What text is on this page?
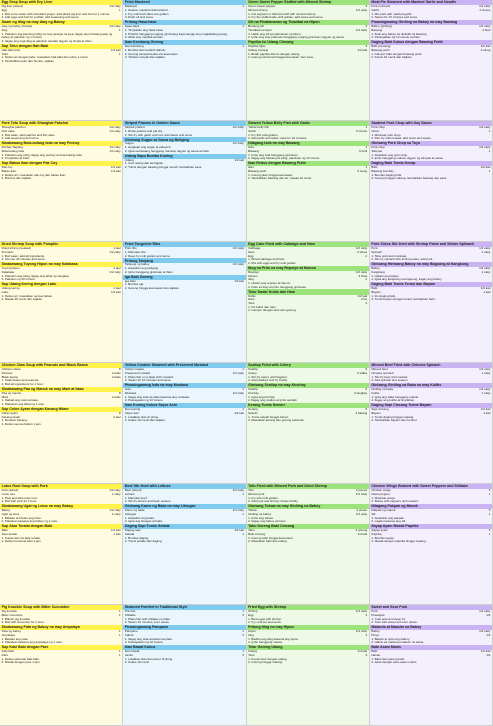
Egg Drop Soup with Dry Liver
Pig liver (sliced)	1/2 catty
Egg	1
1. Boil some water with shredded ginger; add sliced pig liver and boil for 1 minute.
2. Add eggs and boil for a while; add seasoning and serve.
Suam ng Itlog na may Atay ng Baboy
Atay ng baboy (hiniwa)	1/2 catty
Itlog	1
1. Pakuluin ang kaunting tubig na may ginayat na luya; ilagay ang hiniwang atay ng baboy at pakuluin ng 1 minuto.
2. Ilagay ang mga itlog at pakuluin sandali; lagyan ng timpla at ihain.
Sup Telur dengan Hati Babi
Hati babi (iris)	1/2 kati
Telur	1
1. Rebus air dengan jahe; masukkan hati babi dan rebus 1 menit.
2. Tambahkan telur dan bumbu, sajikan.
Fried Mackerel
Mackerel	1
1. Season mackerel beforehand.
2. Fry until both sides are golden.
3. Drain oil and serve.
Pritong Hasa-hasa
Hasa-hasa	1
1. Timplahan ang hasa-hasa.
2. Prituhin hanggang maging ginintuang kayumanggi ang magkabilang panig.
3. Alisin ang mantika at ihain.
Ikan Kembung Goreng
Ikan kembung	1
1. Bumbui ikan terlebih dahulu.
2. Goreng sampai kedua sisi keemasan.
3. Tiriskan minyak dan sajikan.
Green Sweet Pepper Stuffed with Minced Shrimp
Green sweet pepper	3
Minced shrimp	1/2 catty
1. Cut peppers in half and stuff with minced shrimp.
2. Fry the stuffed side until golden; add sauce and serve.
Sili na Pinalamanan ng Tinadtad na Hipon
Berdeng sili	3
Tinadtad na hipon	1/2 catty
1. Hatiin ang sili at palamanan ng hipon.
2. Iprito ang may palaman hanggang maging ginintuan; lagyan ng sarsa.
Paprika Isi Udang Cincang
Paprika hijau	3
Udang cincang	1/2 kati
1. Belah paprika dan isi dengan udang.
2. Goreng sisi berisi hingga keemasan; beri saus.
Meat Pie Steamed with Mashed Garlic and Noodle
Pork (minced)	1/2 catty
Garlic	4 cloves
1. Mix pork with mashed garlic.
2. Steam for 10 minutes and serve.
Pinasingawang Giniling na Baboy na may Bawang
Baboy (giniling)	1/2 catty
Bawang	4 butil
1. Ihalo ang baboy sa dinikdik na bawang.
2. Pasingawan ng 10 minuto at ihain.
Daging Babi Kukus dengan Bawang Putih
Babi (cincang)	1/2 kati
Bawang putih	4 siung
1. Campur babi dengan bawang putih.
2. Kukus 10 menit dan sajikan.
Pork Tofu Soup with Shanghai Pakchoi
Shanghai pakchoi	1/2 catty
Fish cake	1/4 catty
1. Boil water; add pakchoi and fish cake.
2. Add seasoning and serve.
Sinabawang Bola-bolang Isda na may Pechay
Pechay Tagalog	1/2 catty
Bola-bolang isda	1/4 catty
1. Pakuluin ang tubig; ilagay ang pechay at bola-bolang isda.
2. Timplahan at ihain.
Sup Bakso Ikan dengan Pak Coy
Pak coy	1/2 kati
Bakso ikan	1/4 kati
1. Rebus air; masukkan pak coy dan bakso ikan.
2. Bumbui dan sajikan.
Striped Prawns in Golden Sauce
Striped prawns	1/2 catty
1. Rinse prawns and pat dry.
2. Stir-fry with garlic until red; add sauce and serve.
Ginisang Sugpo sa Sarsa ng Buliging
Sugpo	1/2 catty
1. Hugasan ang sugpo at patuyuin.
2. Igisa sa bawang hanggang mamula; lagyan ng sarsa at ihain.
Udang Sapu Bumbu Kuning
Udang	1/2 kati
1. Cuci udang dan keringkan.
2. Tumis dengan bawang hingga merah; tambahkan saus.
Stewed Yellow Belly Fish with Garlic
Yellow belly fish	1
Garlic	6 cloves
1. Fry fish until golden.
2. Add garlic and water; stew for 10 minutes.
Nilagang Isda na may Bawang
Isda	1
Bawang	6 butil
1. Iprito ang isda hanggang ginintuan.
2. Ilagay ang bawang at tubig; pakuluan ng 10 minuto.
Ikan Rebus dengan Bawang Putih
Ikan	1
Bawang putih	6 siung
1. Goreng ikan hingga keemasan.
2. Tambahkan bawang dan air; masak 10 menit.
Sautéed Pork Chop with Soy Sauce
Pork chop	1/2 catty
Onion	1
1. Marinate pork chop.
2. Pan-fry until cooked; add onion and sauce.
Ginisang Pork Chop sa Toyo
Pork chop	1/2 catty
Sibuyas	1
1. Atsarahin ang pork chop.
2. Iprito hanggang maluto; lagyan ng sibuyas at sarsa.
Daging Babi Tumis Kecap
Babi	1/2 kati
Bawang bombay	1
1. Bumbui daging babi.
2. Goreng hingga matang; tambahkan bawang dan saus.
Dried Shrimp Soup with Pumpkin
Dried shrimp (soaked)	1 tael
Pumpkin	1/2 catty
1. Boil water; add all ingredients.
2. Simmer 20 minutes and serve.
Sinabawang Tuyong Hipon na may Kalabasa
Tuyong hipon	1 tael
Kalabasa	1/2 catty
1. Pakuluin ang tubig; ilagay ang lahat ng sangkap.
2. Pakuluin ng 20 minuto.
Sup Udang Kering dengan Labu
Udang kering	1 tael
Labu	1/2 kati
1. Rebus air; masukkan semua bahan.
2. Masak 20 menit dan sajikan.
Fried Tangerine Ribs
Pork ribs	1/2 catty
1. Marinate ribs.
2. Deep fry until golden and serve.
Pritong Tadyang
Tadyang ng baboy	1/2 catty
1. Atsarahin ang tadyang.
2. Iprito hanggang ginintuan at ihain.
Iga Babi Goreng
Iga babi	1/2 kati
1. Bumbui iga.
2. Goreng hingga keemasan dan sajikan.
Egg Cake Fried with Cabbage and Ham
Cabbage	1/2 catty
Ham	3 slices
Egg	2
1. Shred cabbage and ham.
2. Mix with eggs and fry until golden.
Itlog na Prito na may Repolyo at Hamon
Repolyo	1/2 catty
Hamon	3 hiwa
Itlog	2
1. Hiwain ang repolyo at hamon.
2. Ihalo sa itlog at iprito hanggang ginintuan.
Telur Dadar Kubis dan Ham
Kubis	1/2 kati
Ham	3 iris
Telur	2
1. Iris kubis dan ham.
2. Campur dengan telur dan goreng.
Pork Slices Stir-fried with Shrimp Paste and Winter Splinach
Pork	1/4 catty
Spinach	1 catty
1. Slice pork and marinate.
2. Stir-fry spinach with shrimp paste; add pork.
Ginisang Hiniwang Baboy na may Bagoong at Kangkong
Baboy	1/4 catty
Kangkong	1 catty
1. Hiwain ang baboy.
2. Igisa ang kangkong sa bagoong; ilagay ang baboy.
Daging Babi Tumis Terasi dan Bayam
Babi	1/4 kati
Bayam	1 kati
1. Iris daging babi.
2. Tumis bayam dengan terasi; tambahkan babi.
Chicken Claw Soup with Peanuts and Black Beans
Chicken claws	8
Peanuts	2 taels
Black beans	2 taels
1. Soak beans and peanuts.
2. Boil all ingredients for 1 hour.
Sinabawang Paa ng Manok na may Mani at Itaas
Paa ng manok	8
Mani	2 taels
1. Ibabad ang mani at itaas.
2. Pakuluan ang lahat ng 1 oras.
Sup Ceker Ayam dengan Kacang Hitam
Ceker ayam	8
Kacang tanah	2 tael
1. Rendam kacang.
2. Rebus semua bahan 1 jam.
Yellow Croaker Steamed with Preserved Mustard
Yellow croaker	1
Preserved mustard	1/4 catty
1. Place fish on a plate with mustard.
2. Steam for 10 minutes and serve.
Pinasingawang Isda na may Mustasa
Isda	1
Mustasa	1/4 catty
1. Ilagay ang isda sa plato kasama ang mustasa.
2. Pasingawan ng 10 minuto.
Ikan Kuning Kukus Sayur Asin
Ikan kuning	1
Sayur asin	1/4 kati
1. Letakkan ikan di piring.
2. Kukus 10 menit dan sajikan.
Scallop Fried with Celery
Scallop	6
Celery	2 stalks
1. Stir-fry celery until fragrant.
2. Add scallops and fry briefly.
Ginisang Scallop na may Kinchay
Scallop	6
Kinchay	2 tangkay
1. Igisa ang kinchay.
2. Ilagay ang scallop at iprito sandali.
Kerang Tumis Seledri
Kerang	6
Seledri	2 batang
1. Tumis seledri hingga harum.
2. Masukkan kerang dan goreng sebentar.
Minced Beef Fried with Chinese Spinach
Minced beef	1/4 catty
Chinese spinach	1 catty
1. Stir-fry beef until cooked.
2. Add spinach and season.
Ginisang Giniling na Baka na may Kulitis
Giniling na baka	1/4 catty
Kulitis	1 catty
1. Igisa ang baka hanggang maluto.
2. Ilagay ang kulitis at timplahan.
Daging Sapi Cincang Tumis Bayam
Sapi cincang	1/4 kati
Bayam	1 kati
1. Tumis daging hingga matang.
2. Tambahkan bayam dan bumbui.
Lotus Root Soup with Pork
Pork (sliced)	1/2 catty
Lotus root	1 catty
1. Peel and slice lotus root.
2. Boil with pork for 1 hour.
Sinabawang Ugat ng Lotus na may Baboy
Baboy	1/2 catty
Ugat ng lotus	1 catty
1. Balatan at hiwain ang lotus.
2. Pakuluan kasama ang baboy ng 1 oras.
Sup Akar Teratai dengan Babi
Babi	1/2 kati
Akar teratai	1 kati
1. Kupas dan iris akar teratai.
2. Rebus bersama babi 1 jam.
Beef Stir-fried with Lettuce
Beef (sliced)	1/4 catty
Lettuce	1
1. Marinate beef.
2. Stir-fry lettuce and beef; season.
Ginisang Karne ng Baka na may Litsugas
Karne ng baka	1/4 catty
Litsugas	1
1. Atsarahin ang baka.
2. Igisa ang litsugas at baka.
Daging Sapi Tumis Selada
Daging sapi	1/4 kati
Selada	1
1. Bumbui daging.
2. Tumis selada dan daging.
Tofu Fried with Minced Pork and Dried Shrimp
Tofu	2 pieces
Minced pork	1/4 catty
1. Fry tofu until golden.
2. Add pork and shrimp; braise briefly.
Ginisang Tokwa na may Giniling na Baboy
Tokwa	2 piraso
Giniling na baboy	1/4 catty
1. Iprito ang tokwa.
2. Ilagay ang baboy at hipon.
Tahu Goreng Babi Cincang
Tahu	2 potong
Babi cincang	1/4 kati
1. Goreng tahu hingga keemasan.
2. Masukkan babi dan udang.
Chicken Wings Braised with Sweet Peppers and Shiitake
Chicken wings	6
Sweet pepper	1
1. Marinate wings.
2. Braise with peppers until cooked.
Nilagang Pakpak ng Manok
Pakpak ng manok	6
Sili	1
1. Atsarahin ang pakpak.
2. Lagain kasama ang sili.
Sayap Ayam Masak Paprika
Sayap ayam	6
Paprika	1
1. Bumbui sayap.
2. Masak dengan paprika hingga matang.
Pig Knuckle Soup with Bitter Cucumber
Pig knuckle	1
Bitter cucumber	1
1. Blanch pig knuckle.
2. Boil with cucumber for 1 hour.
Sinabawang Pata ng Baboy na may Ampalaya
Pata ng baboy	1
Ampalaya	1
1. Banlian ang pata.
2. Pakuluan kasama ang ampalaya ng 1 oras.
Sup Kaki Babi dengan Pare
Kaki babi	1
Pare	1
1. Rebus sebentar kaki babi.
2. Masak dengan pare 1 jam.
Steamed Pomfret in Traditional Style
Pomfret	1
Shiitake	3
1. Place fish with shiitake on plate.
2. Steam 10 minutes; pour sauce.
Pinasingawang Pampano
Pampano	1
Kabuti	3
1. Ilagay ang isda at kabuti sa plato.
2. Pasingawan ng 10 minuto.
Ikan Bawal Kukus
Ikan bawal	1
Jamur	3
1. Letakkan ikan dan jamur di piring.
2. Kukus 10 menit.
Fried Egg with Shrimp
Shrimp	1/4 catty
Egg	3
1. Beat eggs with shrimp.
2. Fry until set and serve.
Pritong Itlog na may Hipon
Hipon	1/4 catty
Itlog	3
1. Batihin ang itlog kasama ang hipon.
2. Iprito hanggang maluto.
Telur Goreng Udang
Udang	1/4 kati
Telur	3
1. Kocok telur dengan udang.
2. Goreng hingga matang.
Sweet and Sour Pork
Pork	1/2 catty
Pineapple	1/4
1. Coat pork and deep fry.
2. Toss with sweet and sour sauce.
Matamis at Maasim na Baboy
Baboy	1/2 catty
Pinya	1/4
1. Balutin at iprito ang baboy.
2. Haluin sa matamis-maasim na sarsa.
Babi Asam Manis
Babi	1/2 kati
Nanas	1/4
1. Balut dan goreng babi.
2. Aduk dengan saus asam manis.
